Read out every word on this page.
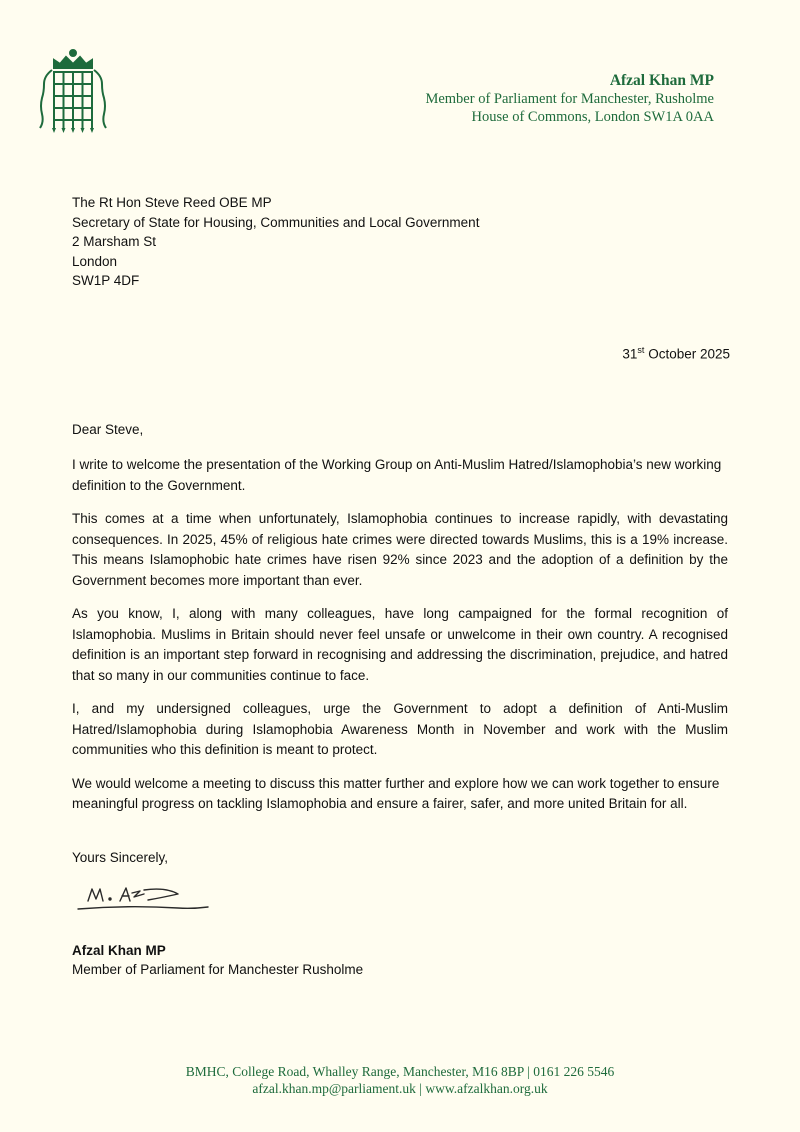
Afzal Khan MP
Member of Parliament for Manchester, Rusholme
House of Commons, London SW1A 0AA
The Rt Hon Steve Reed OBE MP
Secretary of State for Housing, Communities and Local Government
2 Marsham St
London
SW1P 4DF
31st October 2025
Dear Steve,

I write to welcome the presentation of the Working Group on Anti-Muslim Hatred/Islamophobia’s new working definition to the Government.

This comes at a time when unfortunately, Islamophobia continues to increase rapidly, with devastating consequences. In 2025, 45% of religious hate crimes were directed towards Muslims, this is a 19% increase. This means Islamophobic hate crimes have risen 92% since 2023 and the adoption of a definition by the Government becomes more important than ever.

As you know, I, along with many colleagues, have long campaigned for the formal recognition of Islamophobia. Muslims in Britain should never feel unsafe or unwelcome in their own country. A recognised definition is an important step forward in recognising and addressing the discrimination, prejudice, and hatred that so many in our communities continue to face.

I, and my undersigned colleagues, urge the Government to adopt a definition of Anti-Muslim Hatred/Islamophobia during Islamophobia Awareness Month in November and work with the Muslim communities who this definition is meant to protect.

We would welcome a meeting to discuss this matter further and explore how we can work together to ensure meaningful progress on tackling Islamophobia and ensure a fairer, safer, and more united Britain for all.

Yours Sincerely,
Afzal Khan MP
Member of Parliament for Manchester Rusholme
BMHC, College Road, Whalley Range, Manchester, M16 8BP | 0161 226 5546
afzal.khan.mp@parliament.uk | www.afzalkhan.org.uk
